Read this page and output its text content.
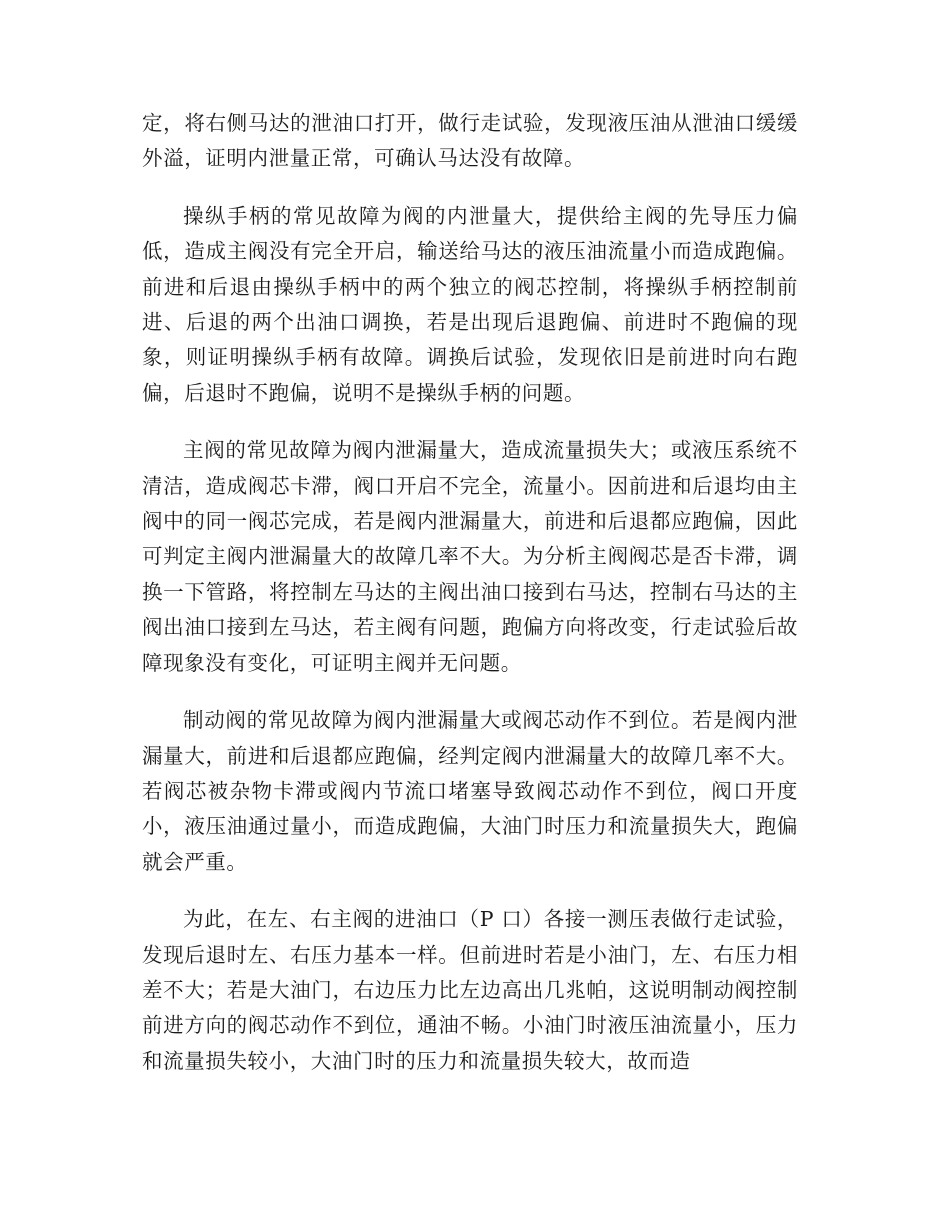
定，将右侧马达的泄油口打开，做行走试验，发现液压油从泄油口缓缓外溢，证明内泄量正常，可确认马达没有故障。

操纵手柄的常见故障为阀的内泄量大，提供给主阀的先导压力偏低，造成主阀没有完全开启，输送给马达的液压油流量小而造成跑偏。前进和后退由操纵手柄中的两个独立的阀芯控制，将操纵手柄控制前进、后退的两个出油口调换，若是出现后退跑偏、前进时不跑偏的现象，则证明操纵手柄有故障。调换后试验，发现依旧是前进时向右跑偏，后退时不跑偏，说明不是操纵手柄的问题。

主阀的常见故障为阀内泄漏量大，造成流量损失大；或液压系统不清洁，造成阀芯卡滞，阀口开启不完全，流量小。因前进和后退均由主阀中的同一阀芯完成，若是阀内泄漏量大，前进和后退都应跑偏，因此可判定主阀内泄漏量大的故障几率不大。为分析主阀阀芯是否卡滞，调换一下管路，将控制左马达的主阀出油口接到右马达，控制右马达的主阀出油口接到左马达，若主阀有问题，跑偏方向将改变，行走试验后故障现象没有变化，可证明主阀并无问题。

制动阀的常见故障为阀内泄漏量大或阀芯动作不到位。若是阀内泄漏量大，前进和后退都应跑偏，经判定阀内泄漏量大的故障几率不大。若阀芯被杂物卡滞或阀内节流口堵塞导致阀芯动作不到位，阀口开度小，液压油通过量小，而造成跑偏，大油门时压力和流量损失大，跑偏就会严重。

为此，在左、右主阀的进油口（P 口）各接一测压表做行走试验，发现后退时左、右压力基本一样。但前进时若是小油门，左、右压力相差不大；若是大油门，右边压力比左边高出几兆帕，这说明制动阀控制前进方向的阀芯动作不到位，通油不畅。小油门时液压油流量小，压力和流量损失较小，大油门时的压力和流量损失较大，故而造
